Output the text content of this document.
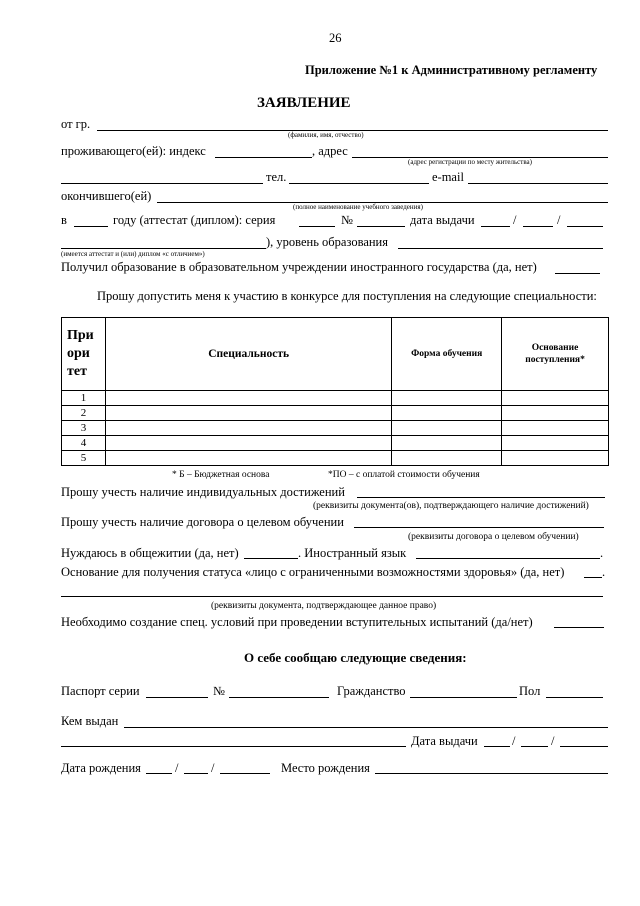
26
Приложение №1 к Административному регламенту
ЗАЯВЛЕНИЕ
от гр.
(фамилия, имя, отчество)
проживающего(ей): индекс	, адрес
(адрес регистрации по месту жительства)
тел.	e-mail
окончившего(ей)
(полное наименование учебного заведения)
в	году (аттестат (диплом): серия	№	дата выдачи	/	/
), уровень образования
(имеется аттестат и (или) диплом «с отличием»)
Получил образование в образовательном учреждении иностранного государства (да, нет)
Прошу допустить меня к участию в конкурсе для поступления на следующие специальности:
При ори тет	Специальность	Форма обучения	Основание поступления*
1			
2			
3			
4			
5			
* Б – Бюджетная основа	*ПО – с оплатой стоимости обучения
Прошу учесть наличие индивидуальных достижений
(реквизиты документа(ов), подтверждающего наличие достижений)
Прошу учесть наличие договора о целевом обучении
(реквизиты договора о целевом обучении)
Нуждаюсь в общежитии (да, нет)	. Иностранный язык	.
Основание для получения статуса «лицо с ограниченными возможностями здоровья» (да, нет)	.
(реквизиты документа, подтверждающее данное право)
Необходимо создание спец. условий при проведении вступительных испытаний (да/нет)
О себе сообщаю следующие сведения:
Паспорт серии	№	Гражданство	Пол
Кем выдан
Дата выдачи	/	/
Дата рождения	/	/	Место рождения
